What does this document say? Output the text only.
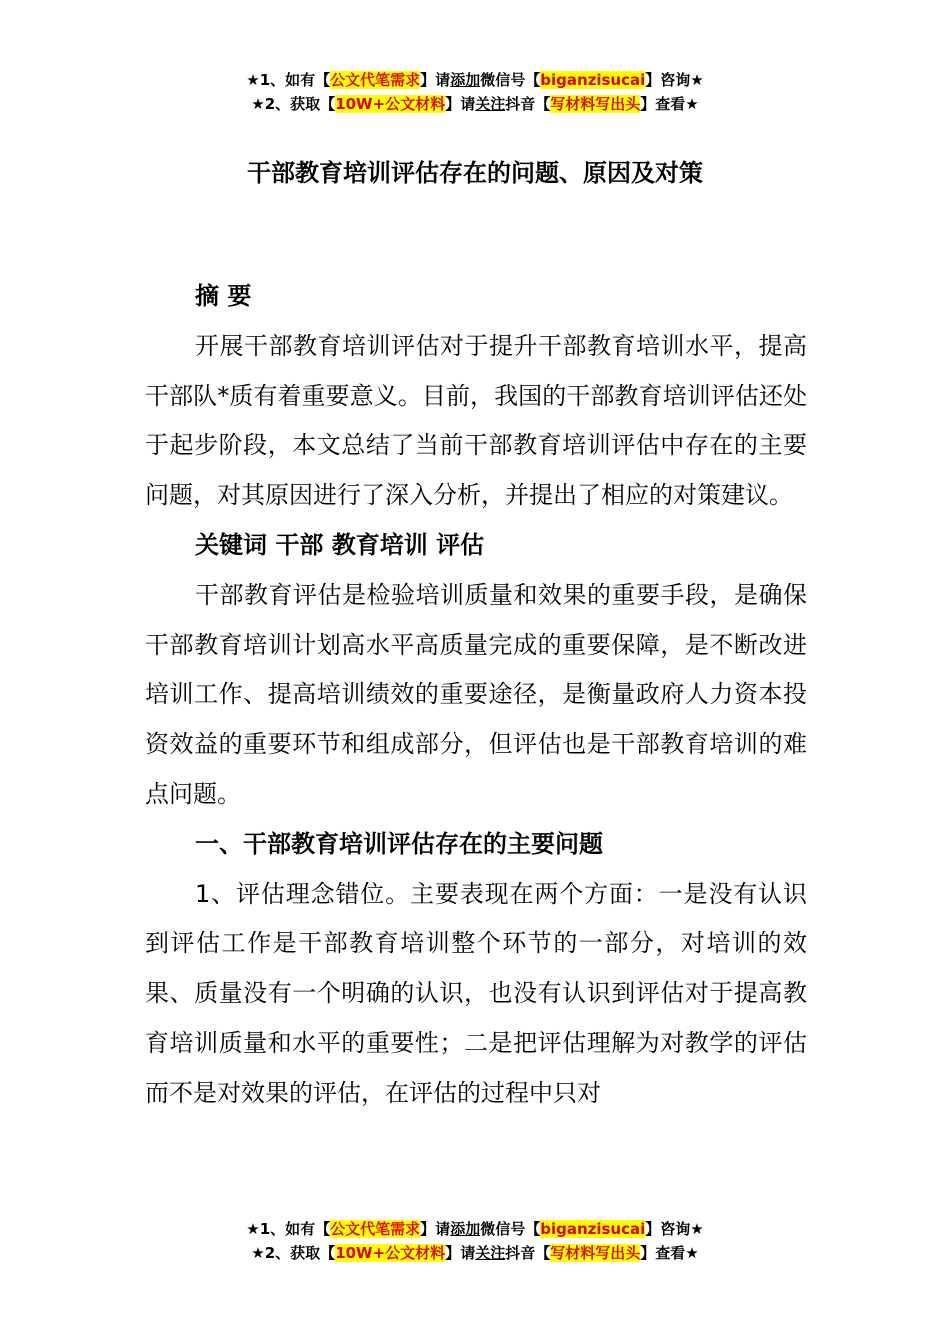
★1、如有【公文代笔需求】请添加微信号【biganzisucai】咨询★
★2、获取【10W+公文材料】请关注抖音【写材料写出头】查看★
干部教育培训评估存在的问题、原因及对策

摘 要

开展干部教育培训评估对于提升干部教育培训水平，提高干部队*质有着重要意义。目前，我国的干部教育培训评估还处于起步阶段，本文总结了当前干部教育培训评估中存在的主要问题，对其原因进行了深入分析，并提出了相应的对策建议。

关键词 干部 教育培训 评估

干部教育评估是检验培训质量和效果的重要手段，是确保干部教育培训计划高水平高质量完成的重要保障，是不断改进培训工作、提高培训绩效的重要途径，是衡量政府人力资本投资效益的重要环节和组成部分，但评估也是干部教育培训的难点问题。

一、干部教育培训评估存在的主要问题

1、评估理念错位。主要表现在两个方面：一是没有认识到评估工作是干部教育培训整个环节的一部分，对培训的效果、质量没有一个明确的认识，也没有认识到评估对于提高教育培训质量和水平的重要性；二是把评估理解为对教学的评估而不是对效果的评估，在评估的过程中只对

★1、如有【公文代笔需求】请添加微信号【biganzisucai】咨询★
★2、获取【10W+公文材料】请关注抖音【写材料写出头】查看★
